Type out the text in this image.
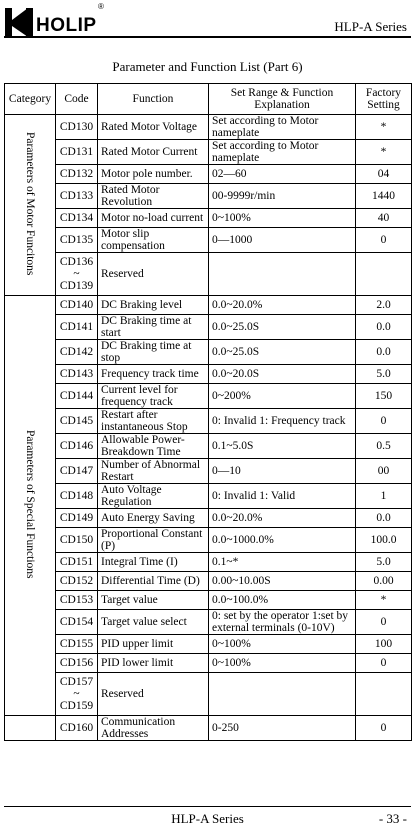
HOLIP
®
HLP-A Series
Parameter and Function List (Part 6)
Category	Code	Function	Set Range & Function Explanation	Factory Setting
Parameters of Motor Funcitons	CD130	Rated Motor Voltage	Set according to Motor nameplate	*
	CD131	Rated Motor Current	Set according to Motor nameplate	*
	CD132	Motor pole number.	02—60	04
	CD133	Rated Motor Revolution	00-9999r/min	1440
	CD134	Motor no-load current	0~100%	40
	CD135	Motor slip compensation	0—1000	0
	CD136 ~ CD139	Reserved		
Parameters of Special Functions	CD140	DC Braking level	0.0~20.0%	2.0
	CD141	DC Braking time at start	0.0~25.0S	0.0
	CD142	DC Braking time at stop	0.0~25.0S	0.0
	CD143	Frequency track time	0.0~20.0S	5.0
	CD144	Current level for frequency track	0~200%	150
	CD145	Restart after instantaneous Stop	0: Invalid 1: Frequency track	0
	CD146	Allowable Power-Breakdown Time	0.1~5.0S	0.5
	CD147	Number of Abnormal Restart	0—10	00
	CD148	Auto Voltage Regulation	0: Invalid 1: Valid	1
	CD149	Auto Energy Saving	0.0~20.0%	0.0
	CD150	Proportional Constant (P)	0.0~1000.0%	100.0
	CD151	Integral Time (I)	0.1~*	5.0
	CD152	Differential Time (D)	0.00~10.00S	0.00
	CD153	Target value	0.0~100.0%	*
	CD154	Target value select	0: set by the operator 1:set by external terminals (0-10V)	0
	CD155	PID upper limit	0~100%	100
	CD156	PID lower limit	0~100%	0
	CD157 ~ CD159	Reserved		
	CD160	Communication Addresses	0-250	0
HLP-A Series	- 33 -
